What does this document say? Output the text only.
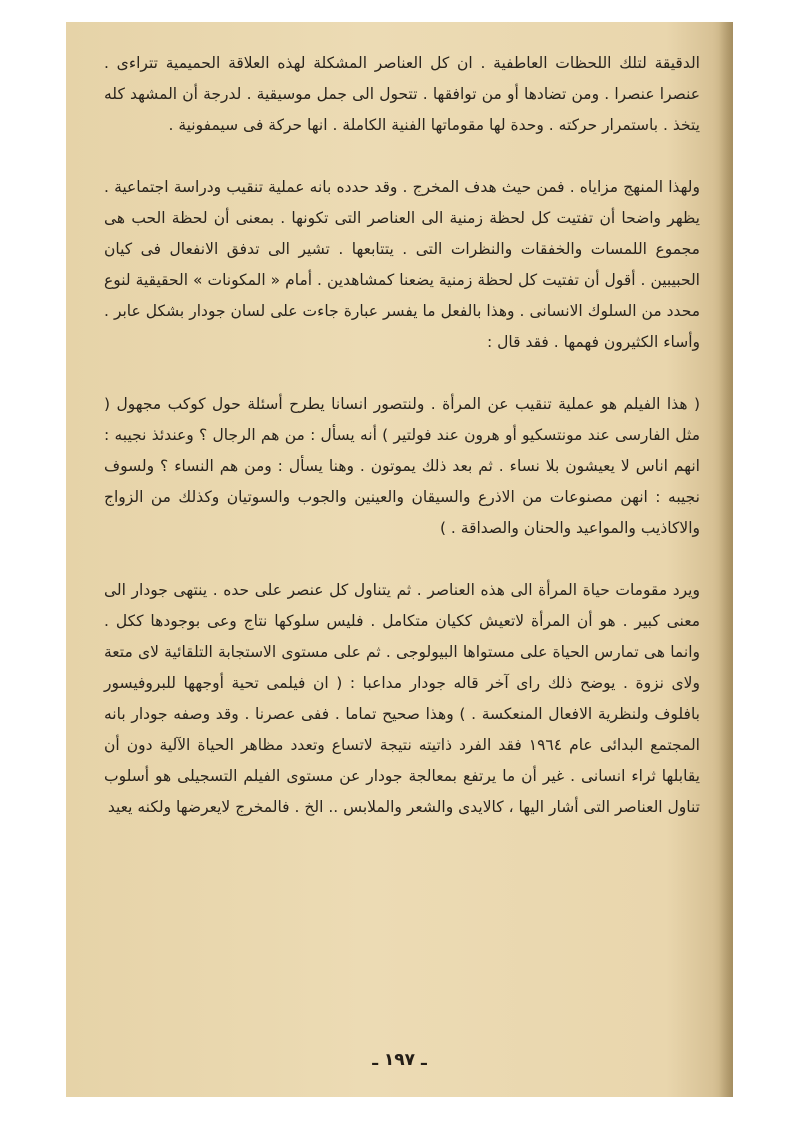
الدقيقة لتلك اللحظات العاطفية . ان كل العناصر المشكلة لهذه العلاقة الحميمية تتراءى . عنصرا عنصرا . ومن تضادها أو من توافقها . تتحول الى جمل موسيقية . لدرجة أن المشهد كله يتخذ . باستمرار حركته . وحدة لها مقوماتها الفنية الكاملة . انها حركة فى سيمفونية .

ولهذا المنهج مزاياه . فمن حيث هدف المخرج . وقد حدده بانه عملية تنقيب ودراسة اجتماعية . يظهر واضحا أن تفتيت كل لحظة زمنية الى العناصر التى تكونها . بمعنى أن لحظة الحب هى مجموع اللمسات والخفقات والنظرات التى . يتتابعها . تشير الى تدفق الانفعال فى كيان الحبيبين . أقول أن تفتيت كل لحظة زمنية يضعنا كمشاهدين . أمام « المكونات » الحقيقية لنوع محدد من السلوك الانسانى . وهذا بالفعل ما يفسر عبارة جاءت على لسان جودار بشكل عابر . وأساء الكثيرون فهمها . فقد قال :

( هذا الفيلم هو عملية تنقيب عن المرأة . ولنتصور انسانا يطرح أسئلة حول كوكب مجهول ( مثل الفارسى عند مونتسكيو أو هرون عند فولتير ) أنه يسأل : من هم الرجال ؟ وعندئذ نجيبه : انهم اناس لا يعيشون بلا نساء . ثم بعد ذلك يموتون . وهنا يسأل : ومن هم النساء ؟ ولسوف نجيبه : انهن مصنوعات من الاذرع والسيقان والعينين والجوب والسوتيان وكذلك من الزواج والاكاذيب والمواعيد والحنان والصداقة . )

ويرد مقومات حياة المرأة الى هذه العناصر . ثم يتناول كل عنصر على حده . ينتهى جودار الى معنى كبير . هو أن المرأة لاتعيش ككيان متكامل . فليس سلوكها نتاج وعى بوجودها ككل . وانما هى تمارس الحياة على مستواها البيولوجى . ثم على مستوى الاستجابة التلقائية لاى متعة ولاى نزوة . يوضح ذلك راى آخر قاله جودار مداعبا : ( ان فيلمى تحية أوجهها للبروفيسور بافلوف ولنظرية الافعال المنعكسة . ) وهذا صحيح تماما . ففى عصرنا . وقد وصفه جودار بانه المجتمع البدائى عام ١٩٦٤ فقد الفرد ذاتيته نتيجة لاتساع وتعدد مظاهر الحياة الآلية دون أن يقابلها ثراء انسانى . غير أن ما يرتفع بمعالجة جودار عن مستوى الفيلم التسجيلى هو أسلوب تناول العناصر التى أشار اليها ، كالايدى والشعر والملابس .. الخ . فالمخرج لايعرضها ولكنه يعيد

ـ ١٩٧ ـ
